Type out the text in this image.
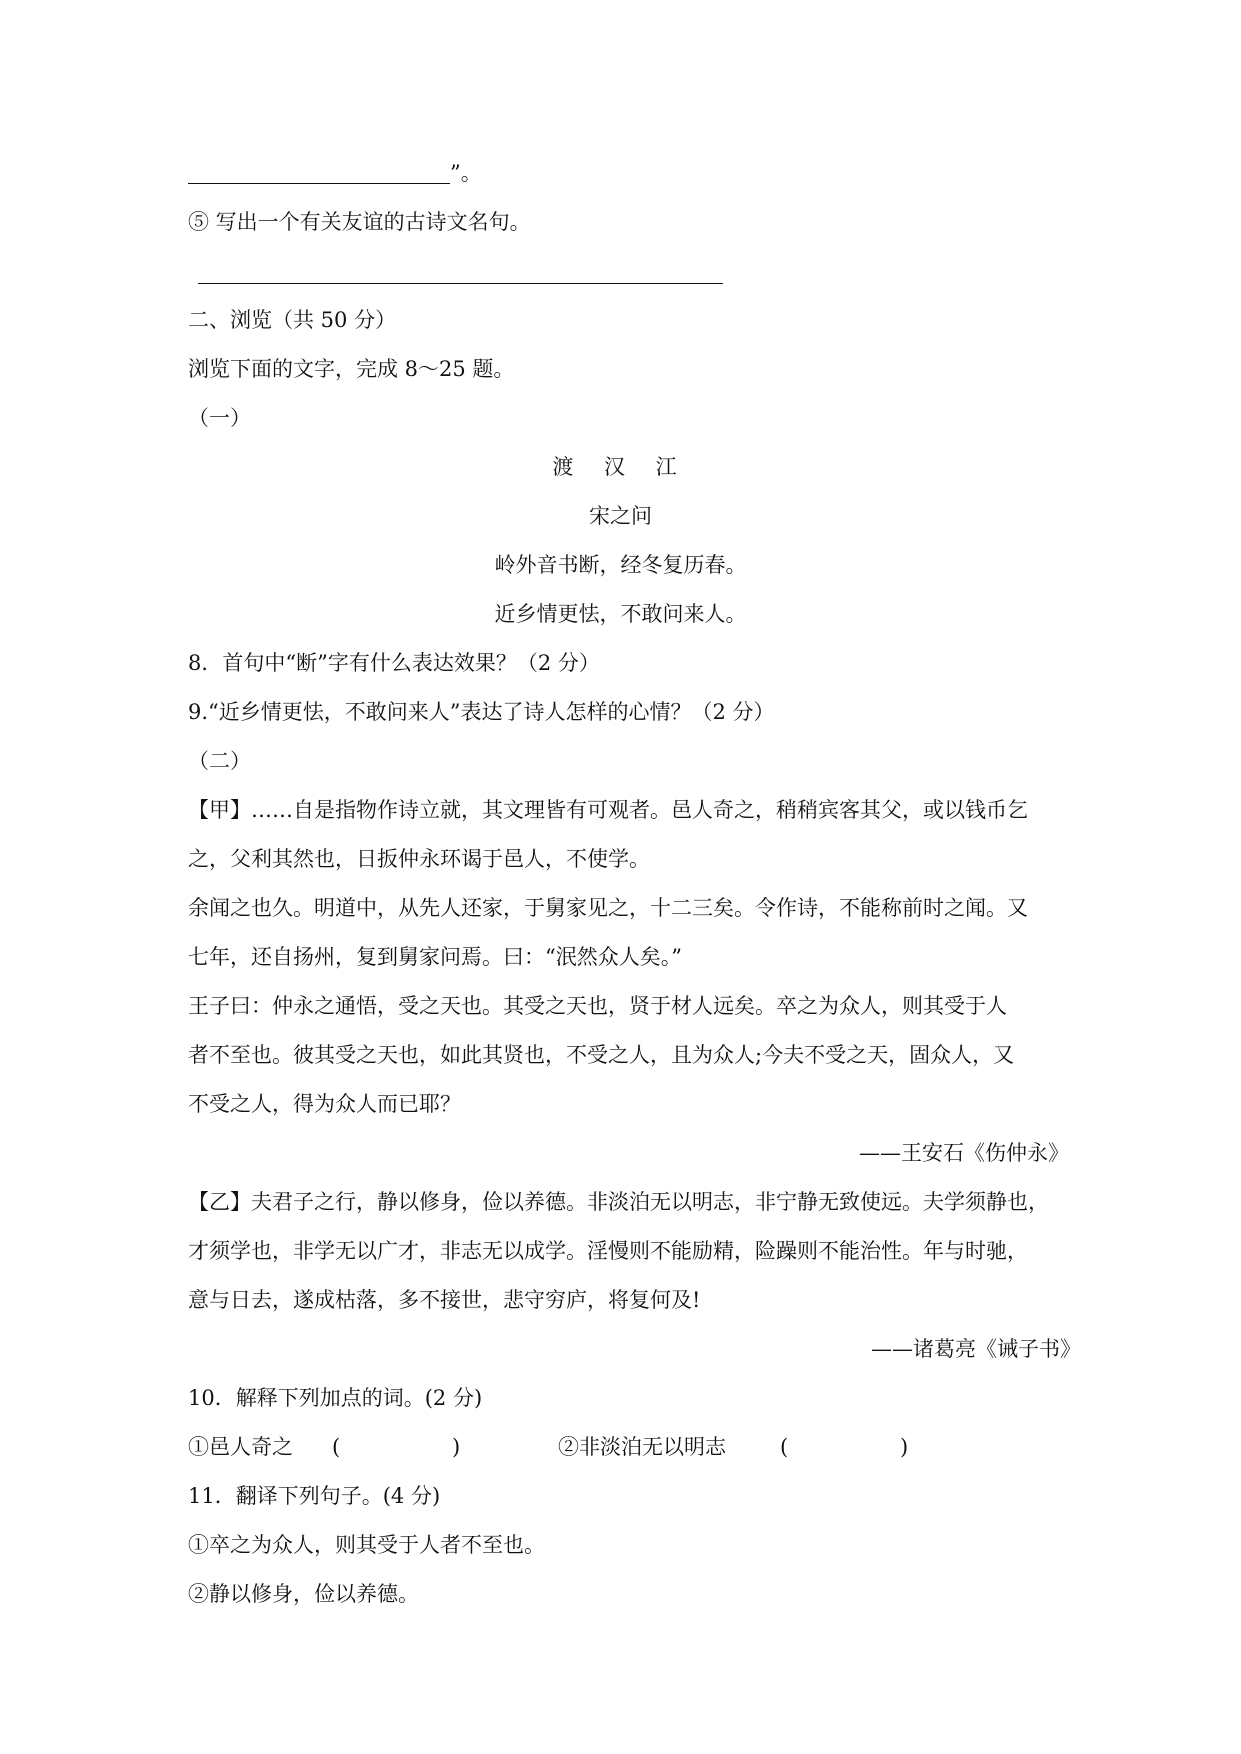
”。
⑤ 写出一个有关友谊的古诗文名句。
二、浏览（共 50 分）
浏览下面的文字，完成 8～25 题。
（一）
渡 汉 江
宋之问
岭外音书断，经冬复历春。
近乡情更怯，不敢问来人。
8．首句中“断”字有什么表达效果？（2 分）
9.“近乡情更怯，不敢问来人”表达了诗人怎样的心情？（2 分）
（二）
【甲】……自是指物作诗立就，其文理皆有可观者。邑人奇之，稍稍宾客其父，或以钱币乞
之，父利其然也，日扳仲永环谒于邑人，不使学。
余闻之也久。明道中，从先人还家，于舅家见之，十二三矣。令作诗，不能称前时之闻。又
七年，还自扬州，复到舅家问焉。曰：“泯然众人矣。”
王子曰：仲永之通悟，受之天也。其受之天也，贤于材人远矣。卒之为众人，则其受于人
者不至也。彼其受之天也，如此其贤也，不受之人，且为众人;今夫不受之天，固众人，又
不受之人，得为众人而已耶？
——王安石《伤仲永》
【乙】夫君子之行，静以修身，俭以养德。非淡泊无以明志，非宁静无致使远。夫学须静也，
才须学也，非学无以广才，非志无以成学。淫慢则不能励精，险躁则不能治性。年与时驰，
意与日去，遂成枯落，多不接世，悲守穷庐，将复何及!
——诸葛亮《诫子书》
10．解释下列加点的词。(2 分)
①邑人奇之 (	)	②非淡泊无以明志	(	)
11．翻译下列句子。(4 分)
①卒之为众人，则其受于人者不至也。
②静以修身，俭以养德。
